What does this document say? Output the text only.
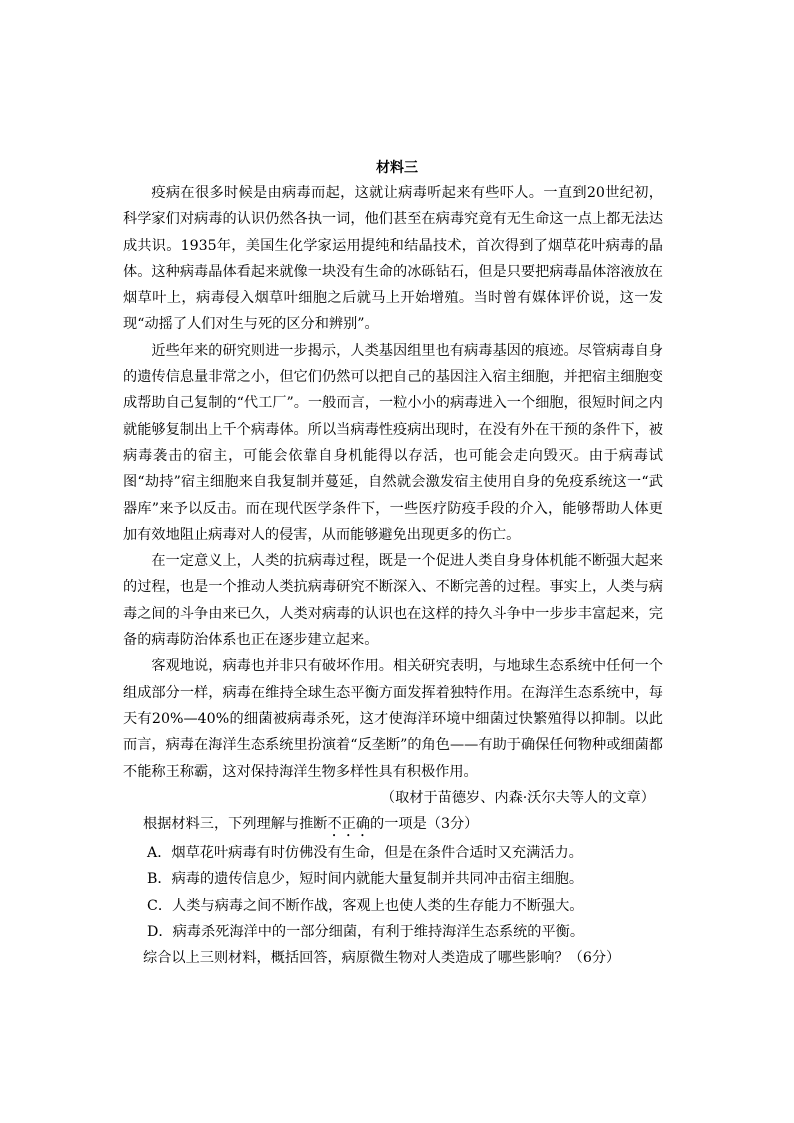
材料三

疫病在很多时候是由病毒而起，这就让病毒听起来有些吓人。一直到20世纪初，科学家们对病毒的认识仍然各执一词，他们甚至在病毒究竟有无生命这一点上都无法达成共识。1935年，美国生化学家运用提纯和结晶技术，首次得到了烟草花叶病毒的晶体。这种病毒晶体看起来就像一块没有生命的冰砾钻石，但是只要把病毒晶体溶液放在烟草叶上，病毒侵入烟草叶细胞之后就马上开始增殖。当时曾有媒体评价说，这一发现“动摇了人们对生与死的区分和辨别”。

近些年来的研究则进一步揭示，人类基因组里也有病毒基因的痕迹。尽管病毒自身的遗传信息量非常之小，但它们仍然可以把自己的基因注入宿主细胞，并把宿主细胞变成帮助自己复制的“代工厂”。一般而言，一粒小小的病毒进入一个细胞，很短时间之内就能够复制出上千个病毒体。所以当病毒性疫病出现时，在没有外在干预的条件下，被病毒袭击的宿主，可能会依靠自身机能得以存活，也可能会走向毁灭。由于病毒试图“劫持”宿主细胞来自我复制并蔓延，自然就会激发宿主使用自身的免疫系统这一“武器库”来予以反击。而在现代医学条件下，一些医疗防疫手段的介入，能够帮助人体更加有效地阻止病毒对人的侵害，从而能够避免出现更多的伤亡。

在一定意义上，人类的抗病毒过程，既是一个促进人类自身身体机能不断强大起来的过程，也是一个推动人类抗病毒研究不断深入、不断完善的过程。事实上，人类与病毒之间的斗争由来已久，人类对病毒的认识也在这样的持久斗争中一步步丰富起来，完备的病毒防治体系也正在逐步建立起来。

客观地说，病毒也并非只有破坏作用。相关研究表明，与地球生态系统中任何一个组成部分一样，病毒在维持全球生态平衡方面发挥着独特作用。在海洋生态系统中，每天有20%—40%的细菌被病毒杀死，这才使海洋环境中细菌过快繁殖得以抑制。以此而言，病毒在海洋生态系统里扮演着“反垄断”的角色——有助于确保任何物种或细菌都不能称王称霸，这对保持海洋生物多样性具有积极作用。

（取材于苗德岁、内森·沃尔夫等人的文章）

根据材料三，下列理解与推断不正确的一项是（3分）

A．烟草花叶病毒有时仿佛没有生命，但是在条件合适时又充满活力。

B．病毒的遗传信息少，短时间内就能大量复制并共同冲击宿主细胞。

C．人类与病毒之间不断作战，客观上也使人类的生存能力不断强大。

D．病毒杀死海洋中的一部分细菌，有利于维持海洋生态系统的平衡。

综合以上三则材料，概括回答，病原微生物对人类造成了哪些影响？（6分）
